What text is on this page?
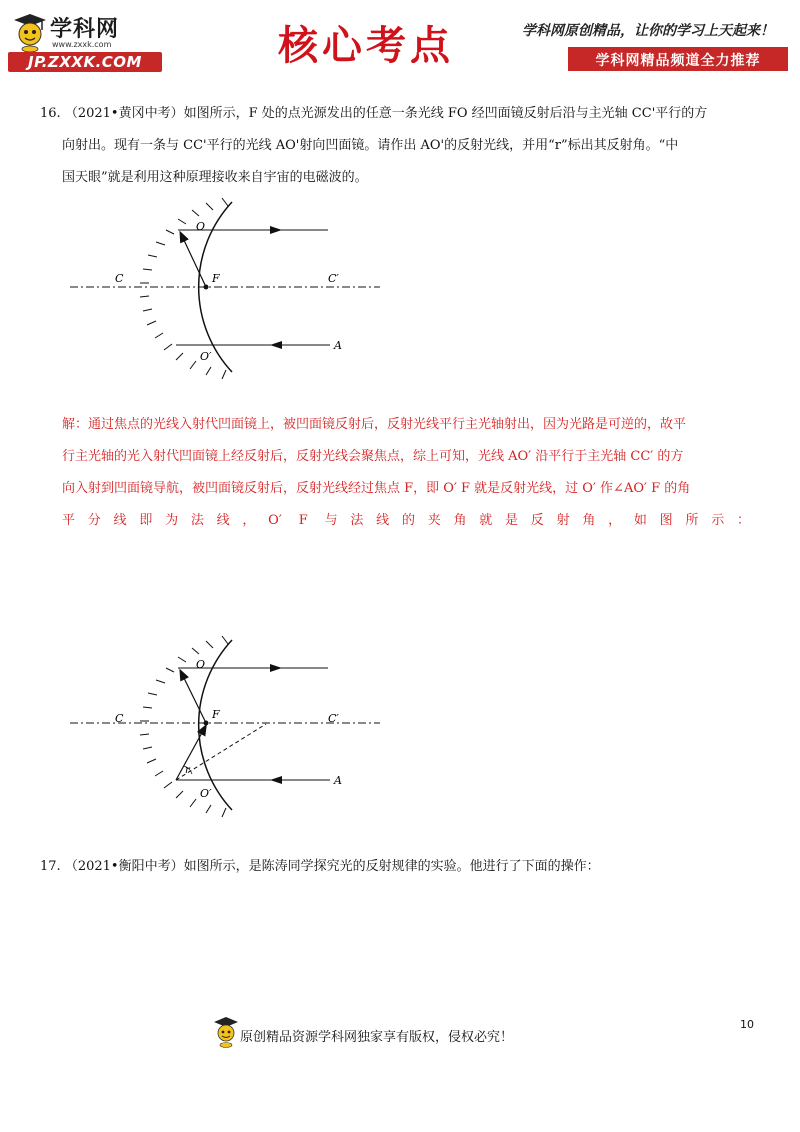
学科网
www.zxxk.com
JP.ZXXK.COM	核心考点	学科网原创精品，让你的学习上天起来！
学科网精品频道全力推荐
16. （2021•黄冈中考）如图所示，F 处的点光源发出的任意一条光线 FO 经凹面镜反射后沿与主光轴 CC'平行的方
向射出。现有一条与 CC'平行的光线 AO'射向凹面镜。请作出 AO'的反射光线，并用“r”标出其反射角。“中
国天眼”就是利用这种原理接收来自宇宙的电磁波的。
O
F
C	C′
O′
A
解：通过焦点的光线入射代凹面镜上，被凹面镜反射后，反射光线平行主光轴射出，因为光路是可逆的，故平
行主光轴的光入射代凹面镜上经反射后，反射光线会聚焦点，综上可知，光线 AO′ 沿平行于主光轴 CC′ 的方
向入射到凹面镜导航，被凹面镜反射后，反射光线经过焦点 F，即 O′ F 就是反射光线，过 O′ 作∠AO′ F 的角
平分线即为法线，O′ F 与法线的夹角就是反射角，如图所示：
r
O
F
C	C′
O′
A
17. （2021•衡阳中考）如图所示，是陈涛同学探究光的反射规律的实验。他进行了下面的操作：
原创精品资源学科网独家享有版权，侵权必究！
10
